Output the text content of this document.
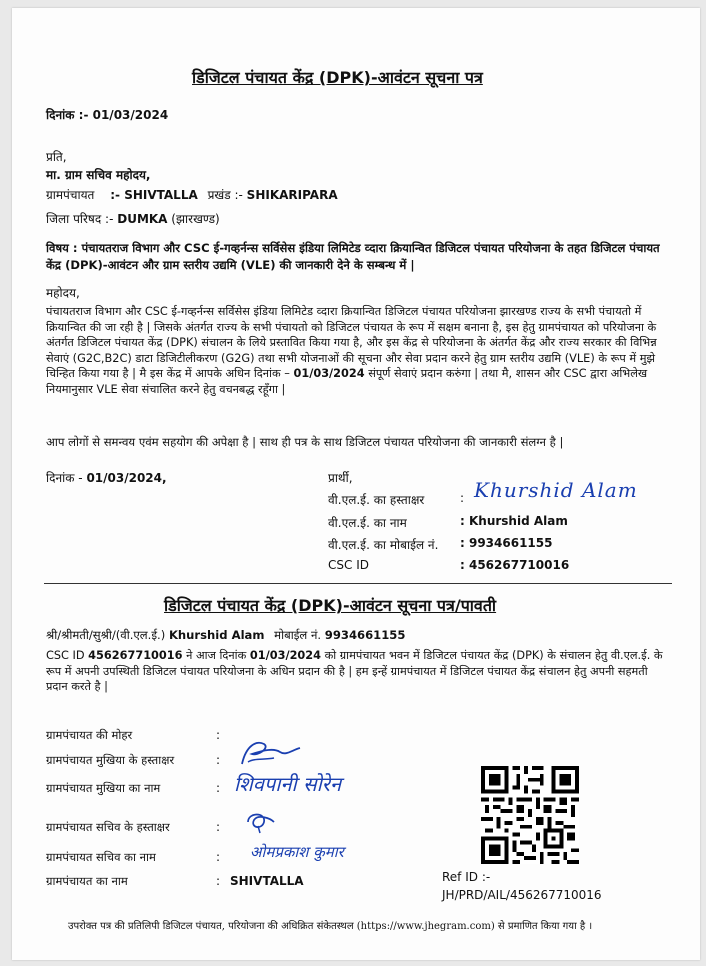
डिजिटल पंचायत केंद्र (DPK)-आवंटन सूचना पत्र
दिनांक :- 01/03/2024
प्रति,
मा. ग्राम सचिव महोदय,
ग्रामपंचायत :- SHIVTALLA प्रखंड :- SHIKARIPARA
जिला परिषद :- DUMKA (झारखण्ड)
विषय : पंचायतराज विभाग और CSC ई-गव्हर्नन्स सर्विसेस इंडिया लिमिटेड व्दारा क्रियान्वित डिजिटल पंचायत परियोजना के तहत डिजिटल पंचायत केंद्र (DPK)-आवंटन और ग्राम स्तरीय उद्यमि (VLE) की जानकारी देने के सम्बन्ध में |
महोदय,
पंचायतराज विभाग और CSC ई-गव्हर्नन्स सर्विसेस इंडिया लिमिटेड व्दारा क्रियान्वित डिजिटल पंचायत परियोजना झारखण्ड राज्य के सभी पंचायतो में क्रियान्वित की जा रही है | जिसके अंतर्गत राज्य के सभी पंचायतो को डिजिटल पंचायत के रूप में सक्षम बनाना है, इस हेतु ग्रामपंचायत को परियोजना के अंतर्गत डिजिटल पंचायत केंद्र (DPK) संचालन के लिये प्रस्तावित किया गया है, और इस केंद्र से परियोजना के अंतर्गत केंद्र और राज्य सरकार की विभिन्न सेवाएं (G2C,B2C) डाटा डिजिटीलीकरण (G2G) तथा सभी योजनाओं की सूचना और सेवा प्रदान करने हेतु ग्राम स्तरीय उद्यमि (VLE) के रूप में मुझे चिन्हित किया गया है | मै इस केंद्र में आपके अधिन दिनांक – 01/03/2024 संपूर्ण सेवाएं प्रदान करुंगा | तथा मै, शासन और CSC द्वारा अभिलेख नियमानुसार VLE सेवा संचालित करने हेतु वचनबद्ध रहूँगा |
आप लोगों से समन्वय एवंम सहयोग की अपेक्षा है | साथ ही पत्र के साथ डिजिटल पंचायत परियोजना की जानकारी संलग्न है |
दिनांक - 01/03/2024,	प्रार्थी,
वी.एल.ई. का हस्ताक्षर	: Khurshid Alam
वी.एल.ई. का नाम	: Khurshid Alam
वी.एल.ई. का मोबाईल नं. : 9934661155
CSC ID	: 456267710016
डिजिटल पंचायत केंद्र (DPK)-आवंटन सूचना पत्र/पावती
श्री/श्रीमती/सुश्री/(वी.एल.ई.) Khurshid Alam मोबाईल नं. 9934661155
CSC ID 456267710016 ने आज दिनांक 01/03/2024 को ग्रामपंचायत भवन में डिजिटल पंचायत केंद्र (DPK) के संचालन हेतु वी.एल.ई. के रूप में अपनी उपस्थिती डिजिटल पंचायत परियोजना के अधिन प्रदान की है | हम इन्हें ग्रामपंचायत में डिजिटल पंचायत केंद्र संचालन हेतु अपनी सहमती प्रदान करते है |
ग्रामपंचायत की मोहर	:
ग्रामपंचायत मुखिया के हस्ताक्षर	:
ग्रामपंचायत मुखिया का नाम	: शिवपानी सोरेन
ग्रामपंचायत सचिव के हस्ताक्षर	:
ग्रामपंचायत सचिव का नाम	: ओमप्रकाश कुमार
ग्रामपंचायत का नाम	: SHIVTALLA	Ref ID :-
JH/PRD/AIL/456267710016
उपरोक्त पत्र की प्रतिलिपी डिजिटल पंचायत, परियोजना की अधिक्रित संकेतस्थल (https://www.jhegram.com) से प्रमाणित किया गया है ।
